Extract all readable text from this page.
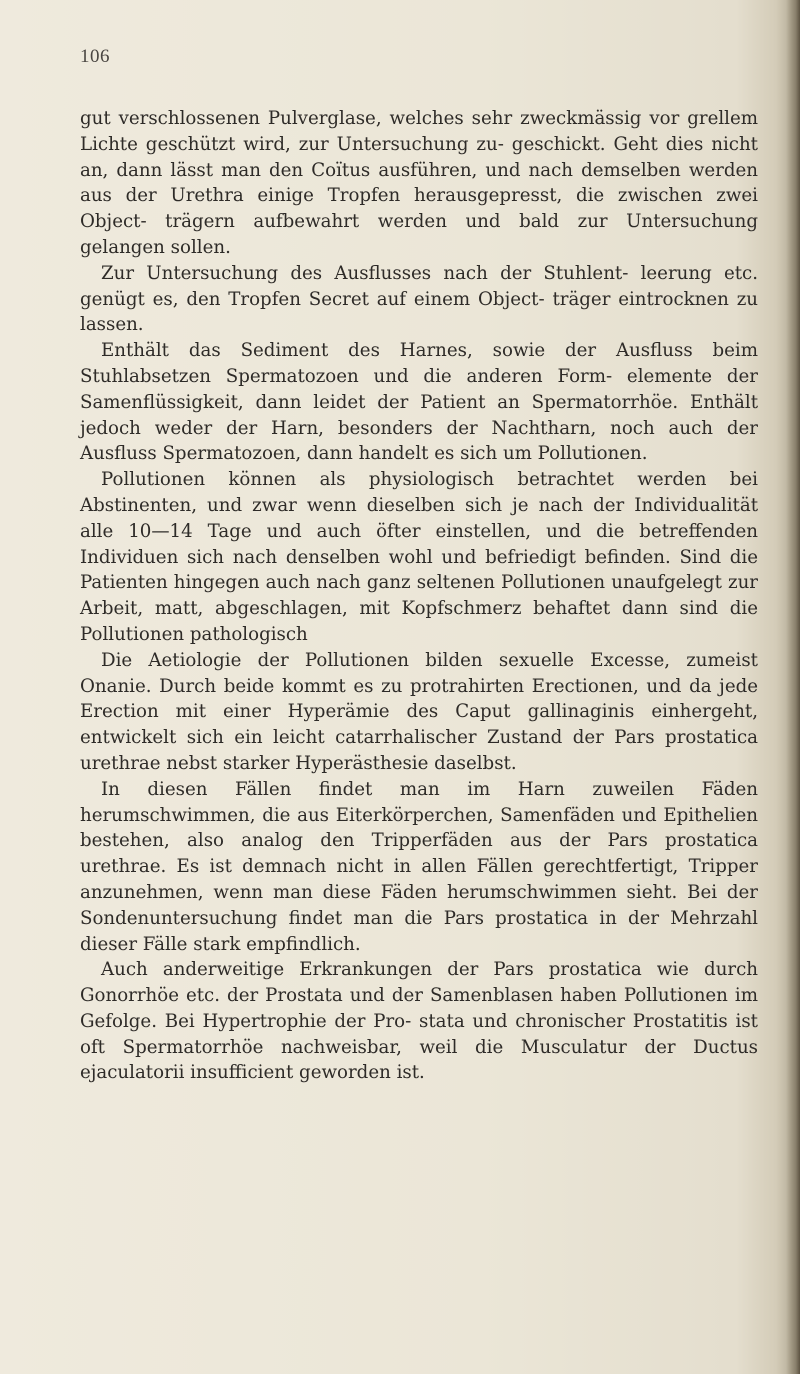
106

gut verschlossenen Pulverglase, welches sehr zweckmässig vor grellem Lichte geschützt wird, zur Untersuchung zu- geschickt. Geht dies nicht an, dann lässt man den Coïtus ausführen, und nach demselben werden aus der Urethra einige Tropfen herausgepresst, die zwischen zwei Object- trägern aufbewahrt werden und bald zur Untersuchung gelangen sollen.

Zur Untersuchung des Ausflusses nach der Stuhlent- leerung etc. genügt es, den Tropfen Secret auf einem Object- träger eintrocknen zu lassen.

Enthält das Sediment des Harnes, sowie der Ausfluss beim Stuhlabsetzen Spermatozoen und die anderen Form- elemente der Samenflüssigkeit, dann leidet der Patient an Spermatorrhöe. Enthält jedoch weder der Harn, besonders der Nachtharn, noch auch der Ausfluss Spermatozoen, dann handelt es sich um Pollutionen.

Pollutionen können als physiologisch betrachtet werden bei Abstinenten, und zwar wenn dieselben sich je nach der Individualität alle 10—14 Tage und auch öfter einstellen, und die betreffenden Individuen sich nach denselben wohl und befriedigt befinden. Sind die Patienten hingegen auch nach ganz seltenen Pollutionen unaufgelegt zur Arbeit, matt, abgeschlagen, mit Kopfschmerz behaftet dann sind die Pollutionen pathologisch

Die Aetiologie der Pollutionen bilden sexuelle Excesse, zumeist Onanie. Durch beide kommt es zu protrahirten Erectionen, und da jede Erection mit einer Hyperämie des Caput gallinaginis einhergeht, entwickelt sich ein leicht catarrhalischer Zustand der Pars prostatica urethrae nebst starker Hyperästhesie daselbst.

In diesen Fällen findet man im Harn zuweilen Fäden herumschwimmen, die aus Eiterkörperchen, Samenfäden und Epithelien bestehen, also analog den Tripperfäden aus der Pars prostatica urethrae. Es ist demnach nicht in allen Fällen gerechtfertigt, Tripper anzunehmen, wenn man diese Fäden herumschwimmen sieht. Bei der Sondenuntersuchung findet man die Pars prostatica in der Mehrzahl dieser Fälle stark empfindlich.

Auch anderweitige Erkrankungen der Pars prostatica wie durch Gonorrhöe etc. der Prostata und der Samenblasen haben Pollutionen im Gefolge. Bei Hypertrophie der Pro- stata und chronischer Prostatitis ist oft Spermatorrhöe nachweisbar, weil die Musculatur der Ductus ejaculatorii insufficient geworden ist.
